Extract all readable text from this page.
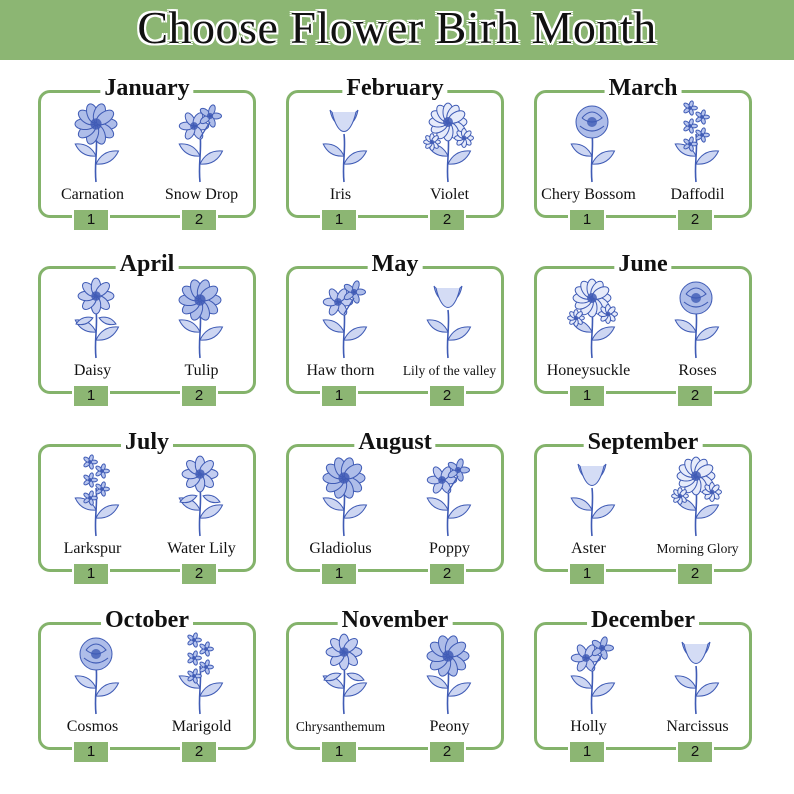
Choose Flower Birh Month
January
Carnation	Snow Drop
1	2
February
Iris	Violet
1	2
March
Chery Bossom	Daffodil
1	2
April
Daisy	Tulip
1	2
May
Haw thorn	Lily of the valley
1	2
June
Honeysuckle	Roses
1	2
July
Larkspur	Water Lily
1	2
August
Gladiolus	Poppy
1	2
September
Aster	Morning Glory
1	2
October
Cosmos	Marigold
1	2
November
Chrysanthemum	Peony
1	2
December
Holly	Narcissus
1	2
